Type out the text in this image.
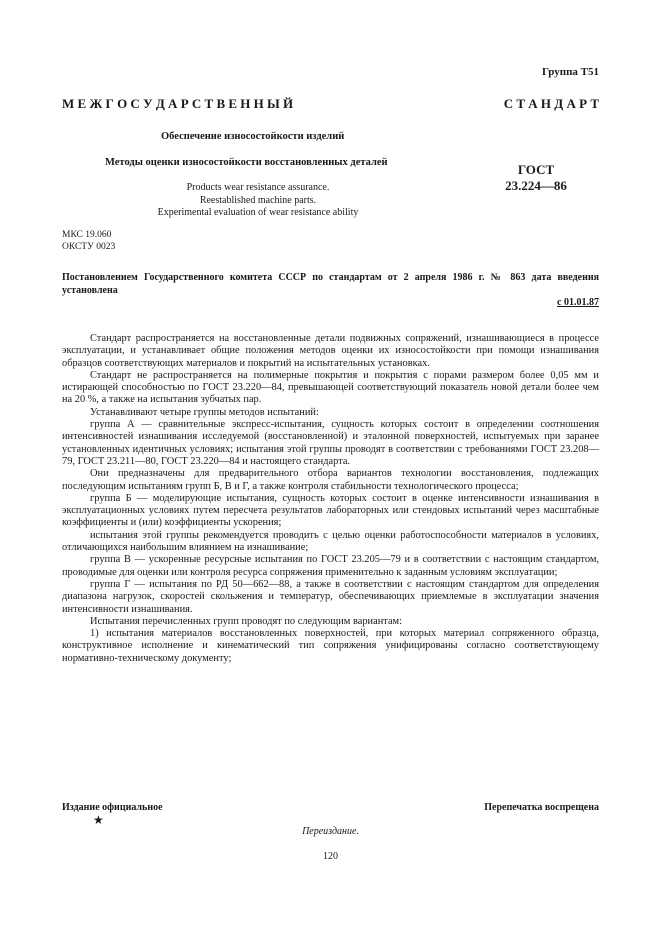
Группа Т51
М Е Ж Г О С У Д А Р С Т В Е Н Н Ы Й	С Т А Н Д А Р Т
Обеспечение износостойкости изделий
Методы оценки износостойкости восстановленных деталей	ГОСТ
23.224—86
Products wear resistance assurance.
Reestablished machine parts.
Experimental evaluation of wear resistance ability
МКС 19.060
ОКСТУ 0023
Постановлением Государственного комитета СССР по стандартам от 2 апреля 1986 г. № 863 дата введения установлена
с 01.01.87

Стандарт распространяется на восстановленные детали подвижных сопряжений, изнашивающиеся в процессе эксплуатации, и устанавливает общие положения методов оценки их износостойкости при помощи изнашивания образцов соответствующих материалов и покрытий на испытательных установках.

Стандарт не распространяется на полимерные покрытия и покрытия с порами размером более 0,05 мм и истирающей способностью по ГОСТ 23.220—84, превышающей соответствующий показатель новой детали более чем на 20 %, а также на испытания зубчатых пар.

Устанавливают четыре группы методов испытаний:

группа А — сравнительные экспресс-испытания, сущность которых состоит в определении соотношения интенсивностей изнашивания исследуемой (восстановленной) и эталонной поверхностей, испытуемых при заранее установленных идентичных условиях; испытания этой группы проводят в соответствии с требованиями ГОСТ 23.208—79, ГОСТ 23.211—80, ГОСТ 23.220—84 и настоящего стандарта.

Они предназначены для предварительного отбора вариантов технологии восстановления, подлежащих последующим испытаниям групп Б, В и Г, а также контроля стабильности технологического процесса;

группа Б — моделирующие испытания, сущность которых состоит в оценке интенсивности изнашивания в эксплуатационных условиях путем пересчета результатов лабораторных или стендовых испытаний через масштабные коэффициенты и (или) коэффициенты ускорения;

испытания этой группы рекомендуется проводить с целью оценки работоспособности материалов в условиях, отличающихся наибольшим влиянием на изнашивание;

группа В — ускоренные ресурсные испытания по ГОСТ 23.205—79 и в соответствии с настоящим стандартом, проводимые для оценки или контроля ресурса сопряжения применительно к заданным условиям эксплуатации;

группа Г — испытания по РД 50—662—88, а также в соответствии с настоящим стандартом для определения диапазона нагрузок, скоростей скольжения и температур, обеспечивающих приемлемые в эксплуатации значения интенсивности изнашивания.

Испытания перечисленных групп проводят по следующим вариантам:

1) испытания материалов восстановленных поверхностей, при которых материал сопряженного образца, конструктивное исполнение и кинематический тип сопряжения унифицированы согласно соответствующему нормативно-техническому документу;

Издание официальное
★
Перепечатка воспрещена
Переиздание.
120
